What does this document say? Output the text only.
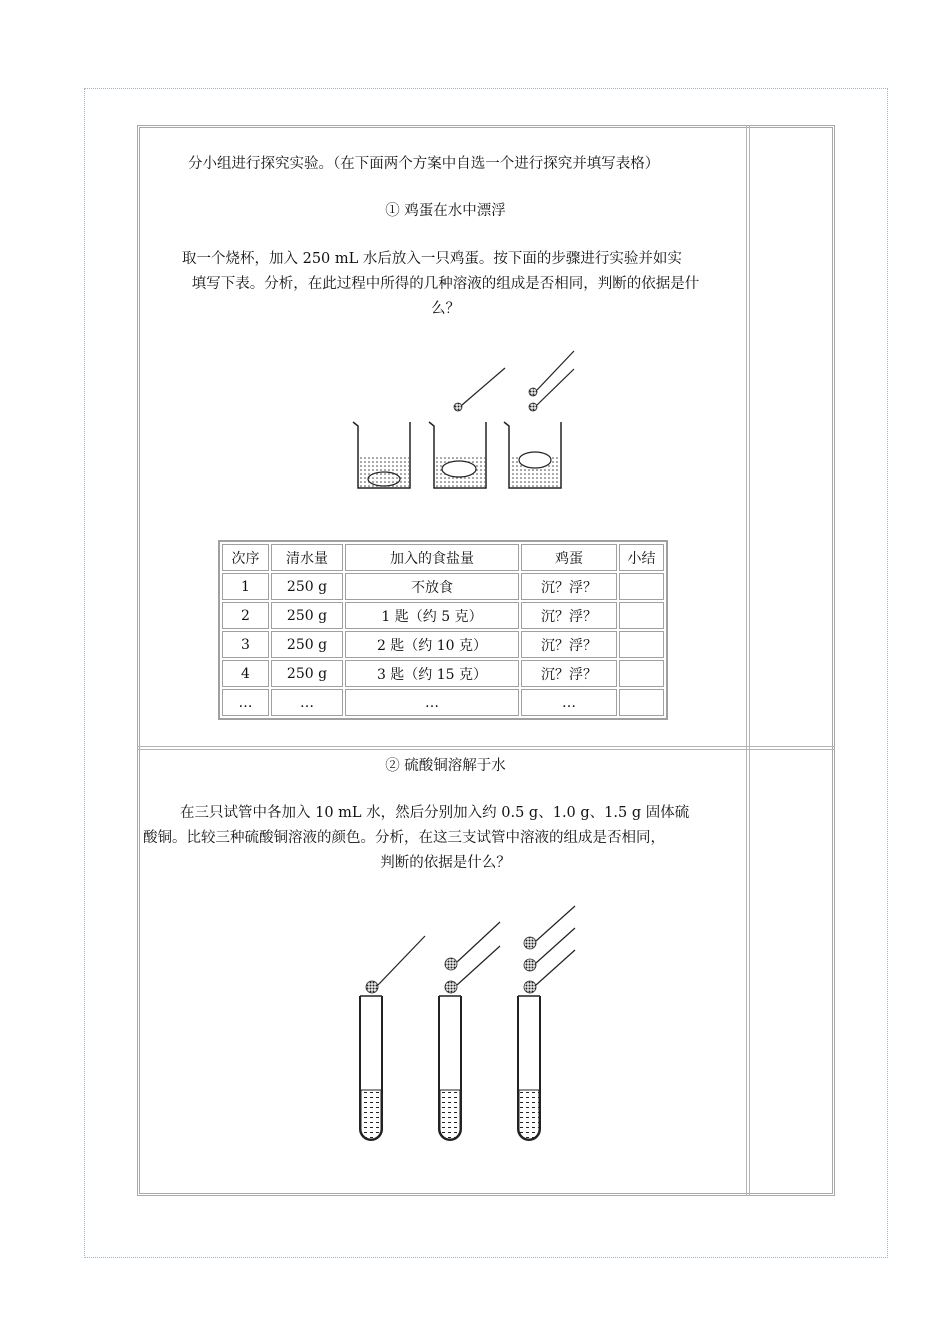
分小组进行探究实验。（在下面两个方案中自选一个进行探究并填写表格）
① 鸡蛋在水中漂浮
取一个烧杯，加入 250 mL 水后放入一只鸡蛋。按下面的步骤进行实验并如实
填写下表。分析，在此过程中所得的几种溶液的组成是否相同，判断的依据是什
么？
次序	清水量	加入的食盐量	鸡蛋	小结
1	250 g	不放食	沉？浮？	
2	250 g	1 匙（约 5 克）	沉？浮？	
3	250 g	2 匙（约 10 克）	沉？浮？	
4	250 g	3 匙（约 15 克）	沉？浮？	
…	…	…	…	
② 硫酸铜溶解于水
在三只试管中各加入 10 mL 水，然后分别加入约 0.5 g、1.0 g、1.5 g 固体硫
酸铜。比较三种硫酸铜溶液的颜色。分析，在这三支试管中溶液的组成是否相同，
判断的依据是什么？
